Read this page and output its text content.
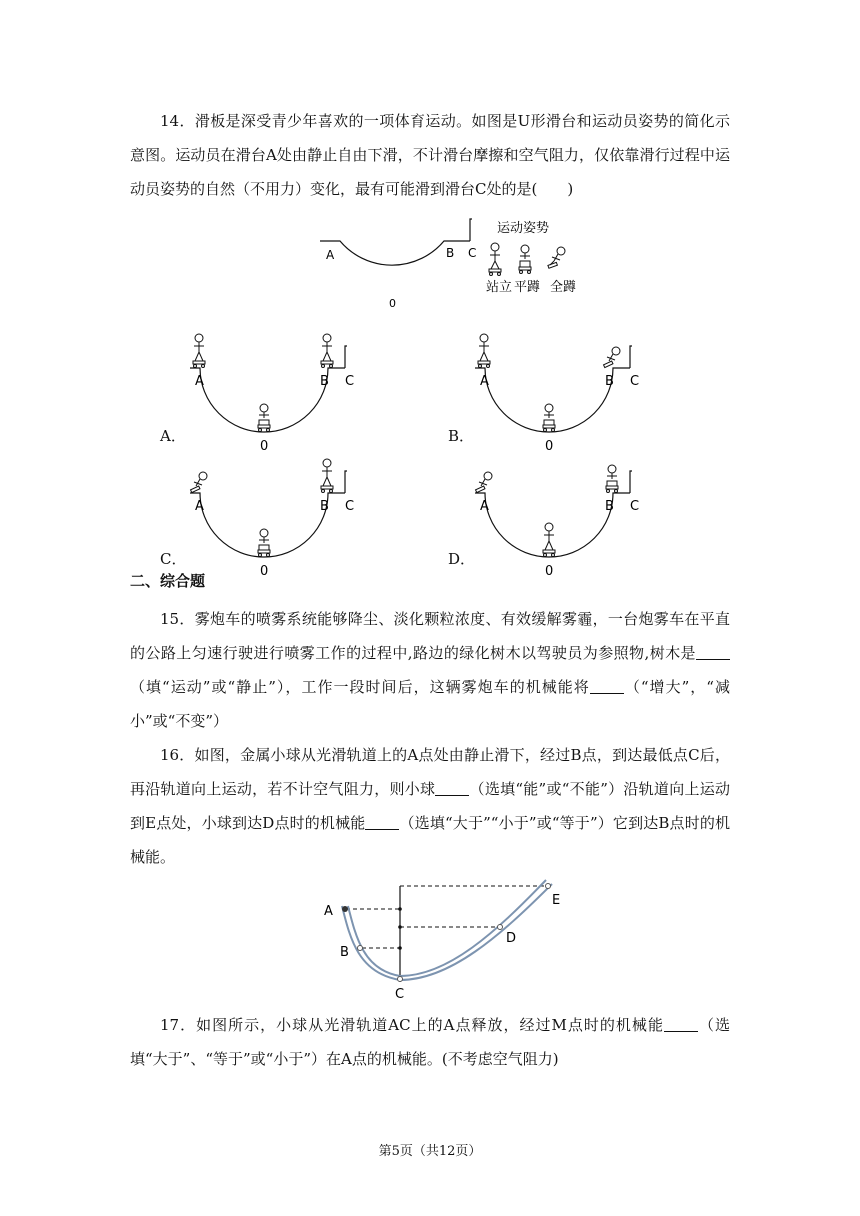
14．滑板是深受青少年喜欢的一项体育运动。如图是U形滑台和运动员姿势的简化示意图。运动员在滑台A处由静止自由下滑，不计滑台摩擦和空气阻力，仅依靠滑行过程中运动员姿势的自然（不用力）变化，最有可能滑到滑台C处的是(　　)

A	B C
0
运动姿势
站立 平蹲 全蹲
A	B C
0
A	B C
0
A	B C
0
A	B C
0
A．	B．
C．	D．
二、综合题

15．雾炮车的喷雾系统能够降尘、淡化颗粒浓度、有效缓解雾霾，一台炮雾车在平直的公路上匀速行驶进行喷雾工作的过程中,路边的绿化树木以驾驶员为参照物,树木是（填“运动”或“静止”），工作一段时间后，这辆雾炮车的机械能将 （“增大”，“减小”或“不变”）

16．如图，金属小球从光滑轨道上的A点处由静止滑下，经过B点，到达最低点C后，再沿轨道向上运动，若不计空气阻力，则小球 （选填“能”或“不能”）沿轨道向上运动到E点处，小球到达D点时的机械能 （选填“大于”“小于”或“等于”）它到达B点时的机械能。

A
B
C
D
E

17．如图所示，小球从光滑轨道AC上的A点释放，经过M点时的机械能 （选填“大于”、“等于”或“小于”）在A点的机械能。(不考虑空气阻力)

第5页（共12页）
